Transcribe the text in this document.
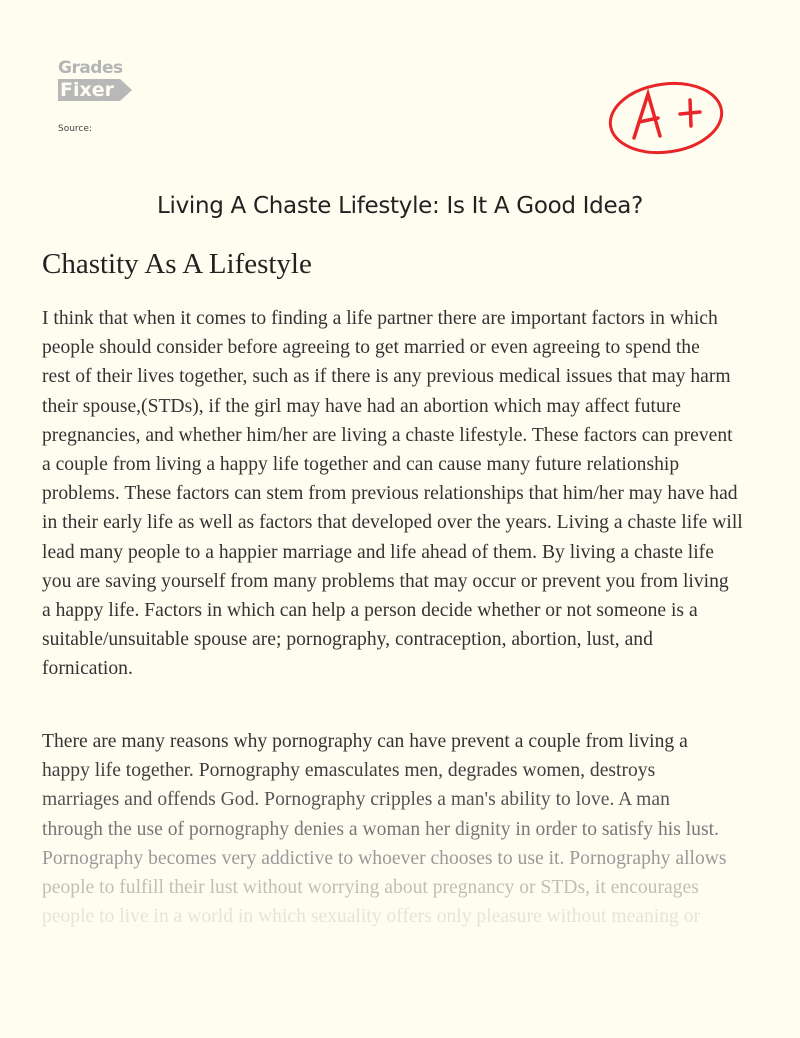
Grades
Fixer
Source:
Living A Chaste Lifestyle: Is It A Good Idea?
Chastity As A Lifestyle
I think that when it comes to finding a life partner there are important factors in which
people should consider before agreeing to get married or even agreeing to spend the
rest of their lives together, such as if there is any previous medical issues that may harm
their spouse,(STDs), if the girl may have had an abortion which may affect future
pregnancies, and whether him/her are living a chaste lifestyle. These factors can prevent
a couple from living a happy life together and can cause many future relationship
problems. These factors can stem from previous relationships that him/her may have had
in their early life as well as factors that developed over the years. Living a chaste life will
lead many people to a happier marriage and life ahead of them. By living a chaste life
you are saving yourself from many problems that may occur or prevent you from living
a happy life. Factors in which can help a person decide whether or not someone is a
suitable/unsuitable spouse are; pornography, contraception, abortion, lust, and
fornication.
There are many reasons why pornography can have prevent a couple from living a
happy life together. Pornography emasculates men, degrades women, destroys
marriages and offends God. Pornography cripples a man's ability to love. A man
through the use of pornography denies a woman her dignity in order to satisfy his lust.
Pornography becomes very addictive to whoever chooses to use it. Pornography allows
people to fulfill their lust without worrying about pregnancy or STDs, it encourages
people to live in a world in which sexuality offers only pleasure without meaning or
